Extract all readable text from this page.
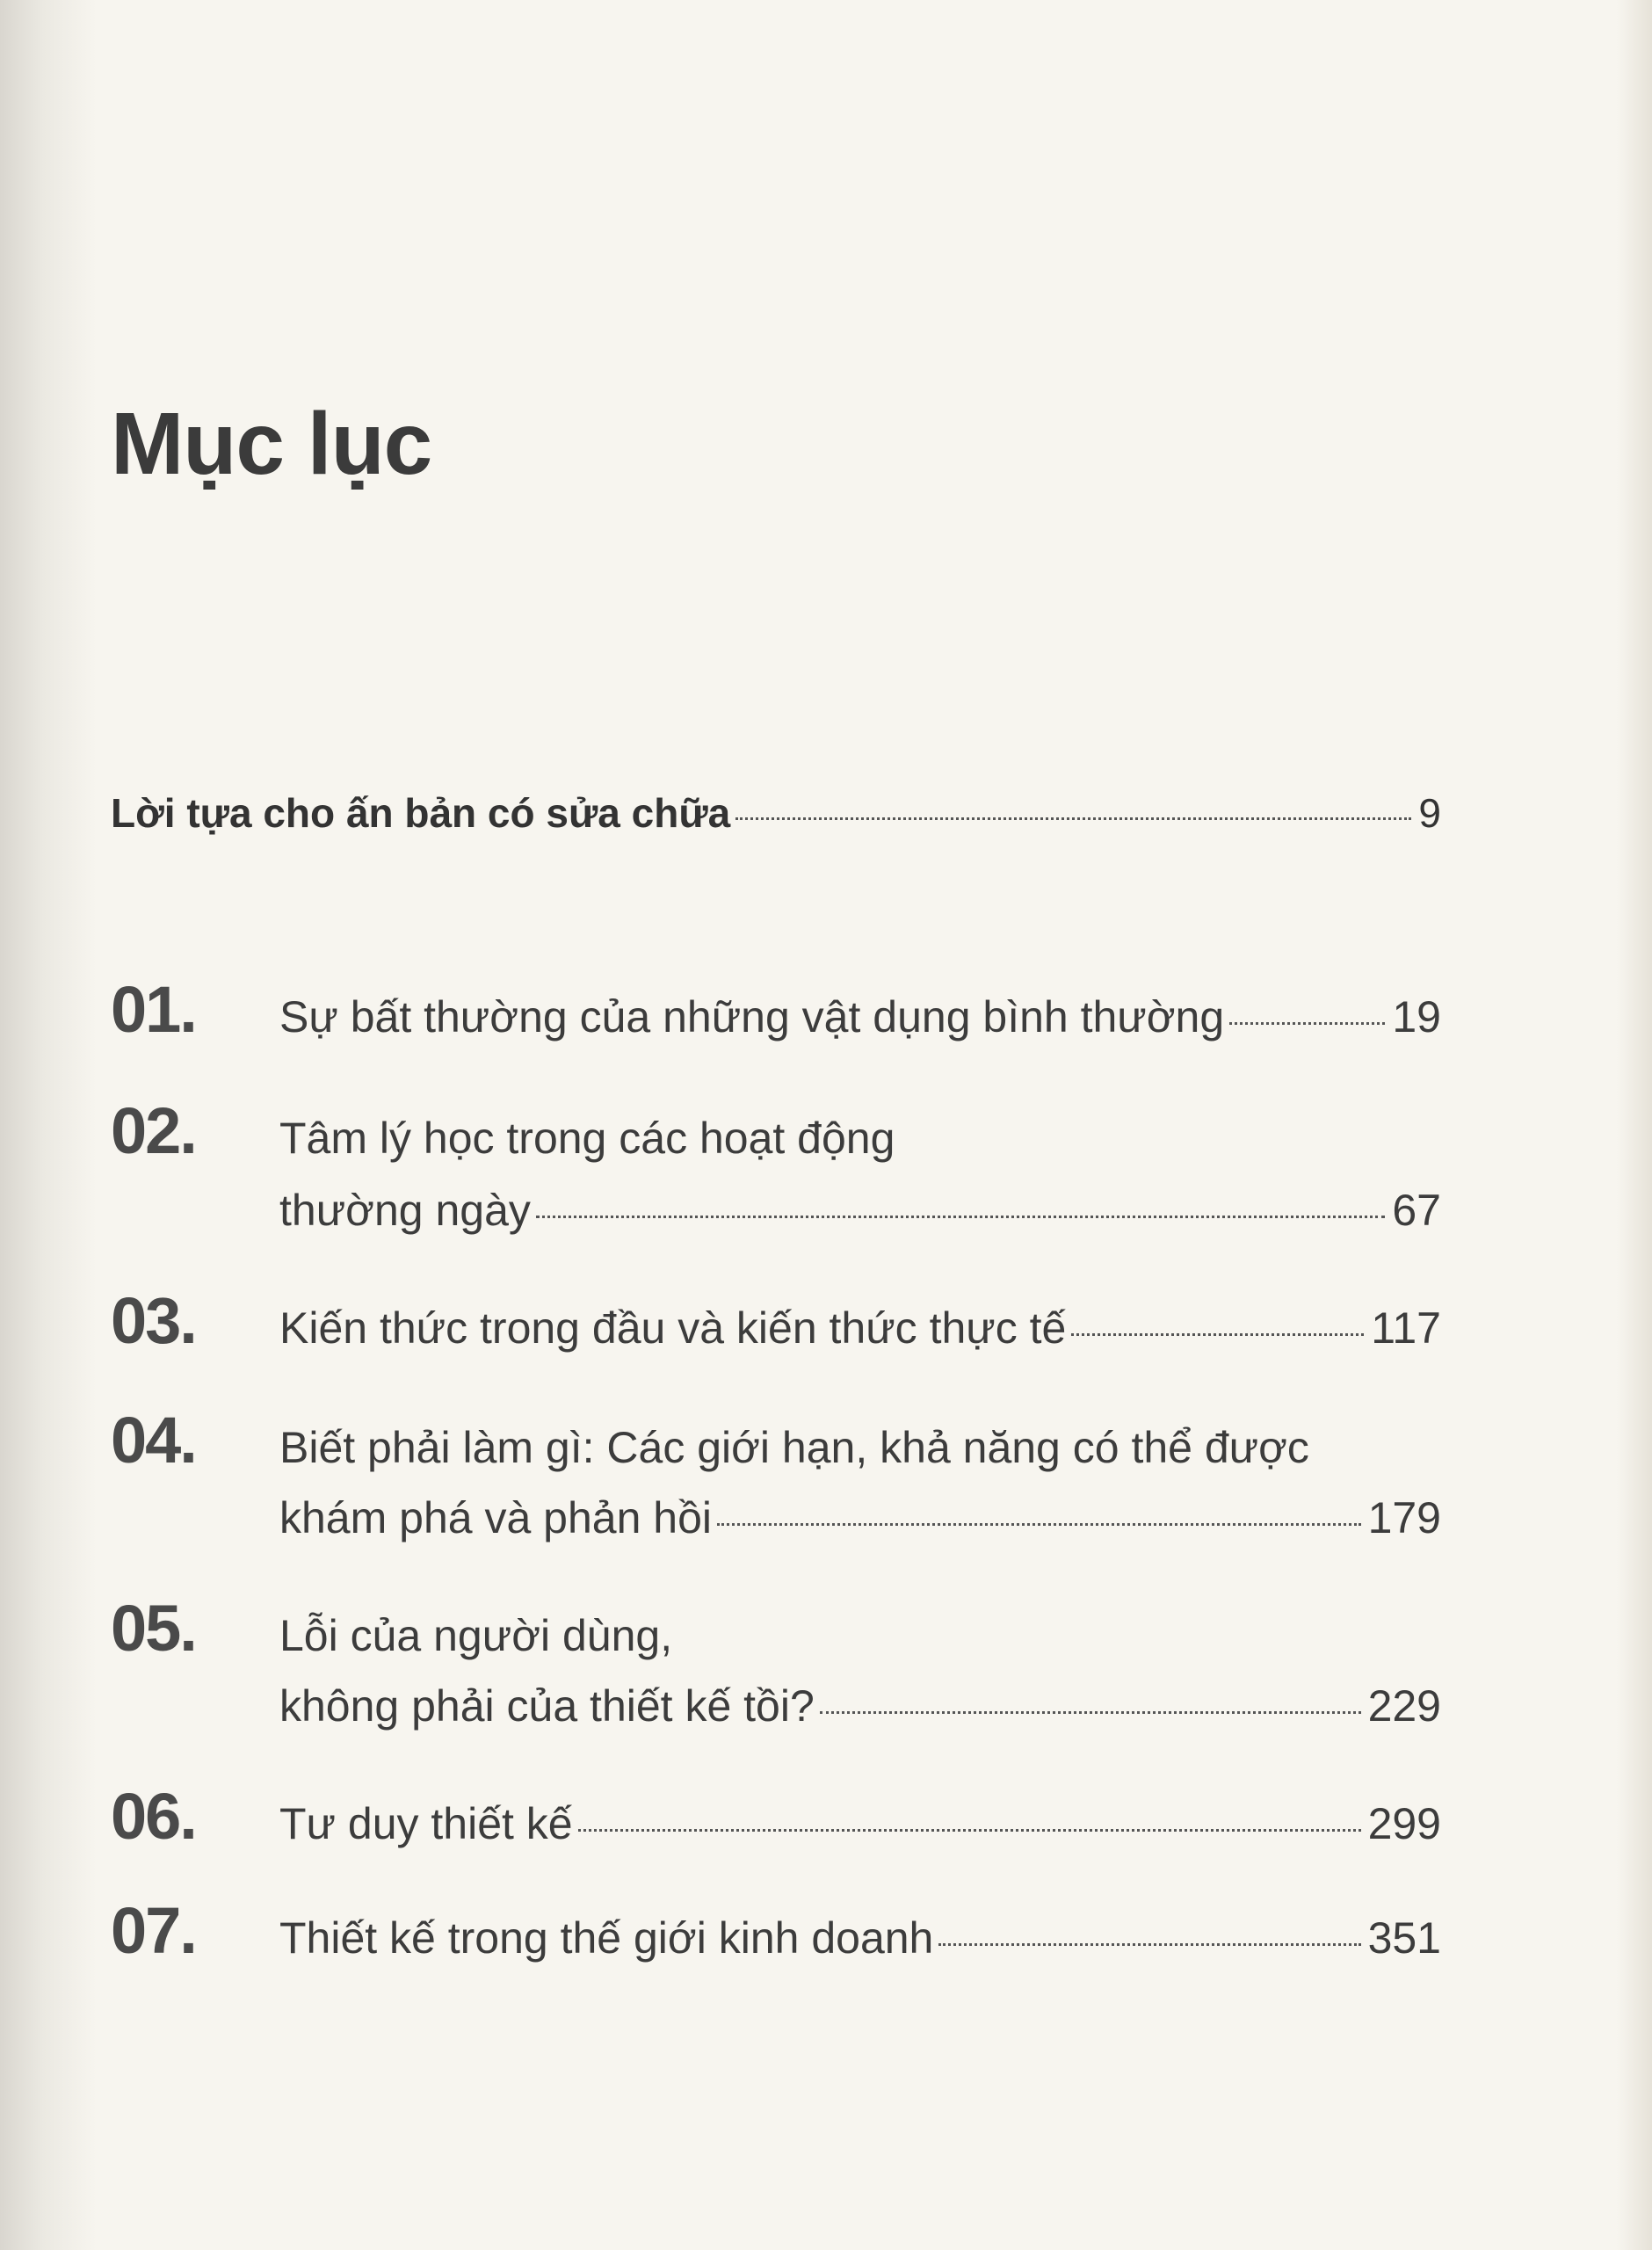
Mục lục
Lời tựa cho ấn bản có sửa chữa	9
01. Sự bất thường của những vật dụng bình thường	19
02. Tâm lý học trong các hoạt động
thường ngày	67
03. Kiến thức trong đầu và kiến thức thực tế	117
04. Biết phải làm gì: Các giới hạn, khả năng có thể được
khám phá và phản hồi	179
05. Lỗi của người dùng,
không phải của thiết kế tồi?	229
06. Tư duy thiết kế	299
07. Thiết kế trong thế giới kinh doanh	351
